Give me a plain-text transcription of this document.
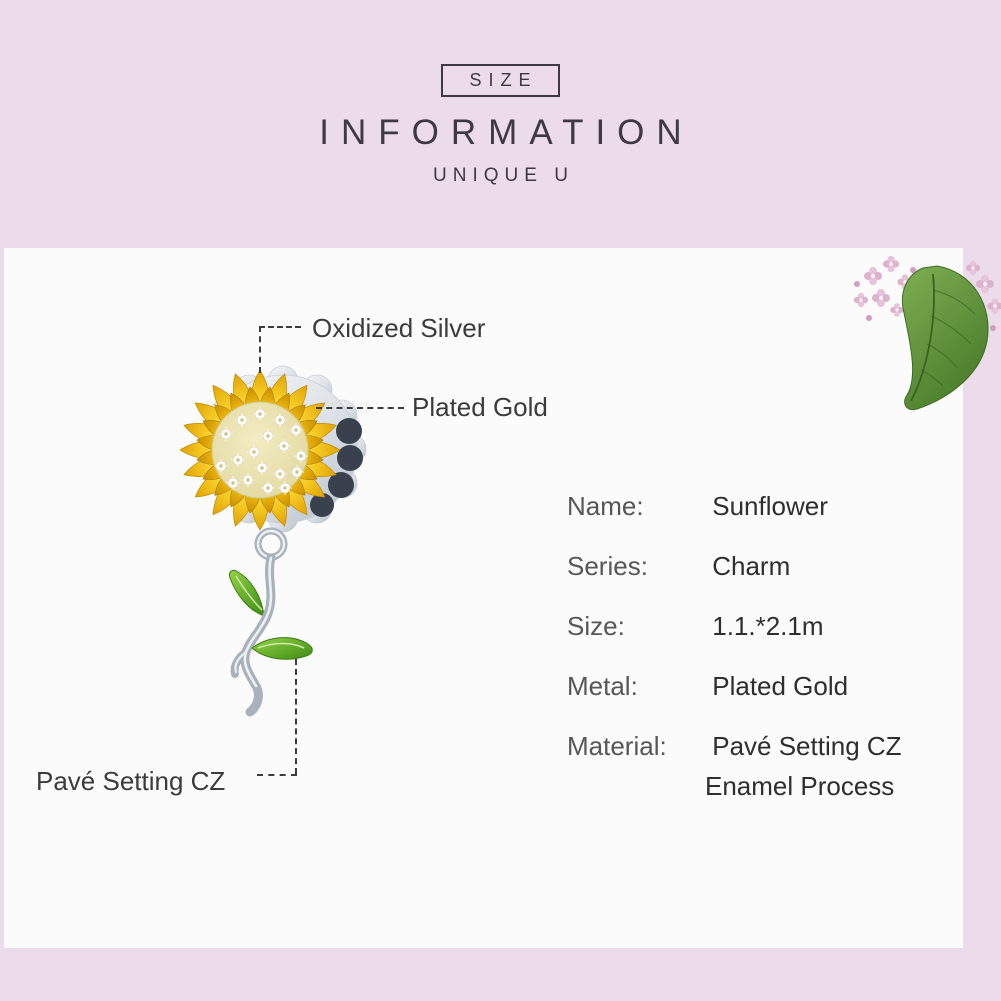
SIZE
INFORMATION
UNIQUE U
Oxidized Silver
Plated Gold
Pavé Setting CZ
Name:	Sunflower
Series: Charm
Size:	1.1.*2.1m
Metal:	Plated Gold
Material: Pavé Setting CZ
Enamel Process
